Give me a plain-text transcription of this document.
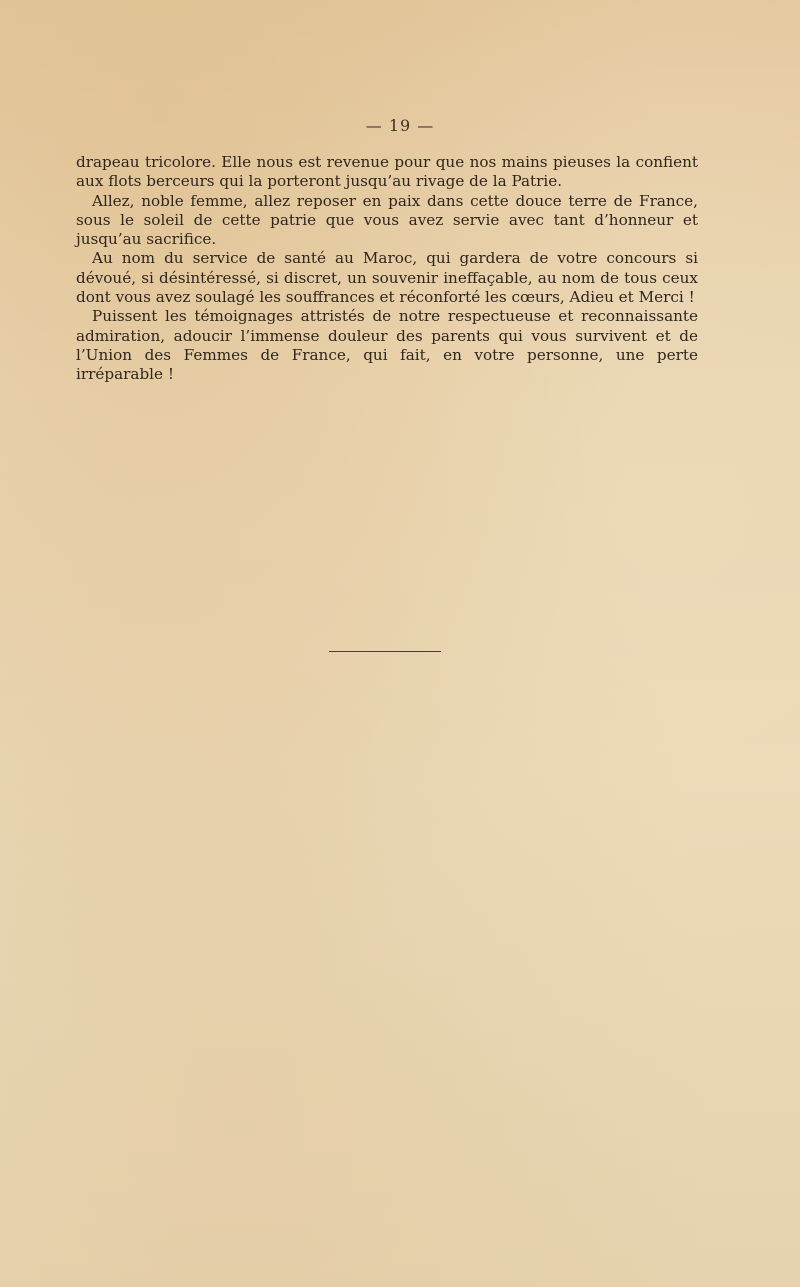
— 19 —

drapeau tricolore. Elle nous est revenue pour que nos mains pieuses la confient aux flots berceurs qui la porteront jusqu’au rivage de la Patrie.

Allez, noble femme, allez reposer en paix dans cette douce terre de France, sous le soleil de cette patrie que vous avez servie avec tant d’honneur et jusqu’au sacrifice.

Au nom du service de santé au Maroc, qui gardera de votre concours si dévoué, si désintéressé, si discret, un souvenir ineffaçable, au nom de tous ceux dont vous avez soulagé les souffrances et réconforté les cœurs, Adieu et Merci !

Puissent les témoignages attristés de notre respectueuse et reconnaissante admiration, adoucir l’immense douleur des parents qui vous survivent et de l’Union des Femmes de France, qui fait, en votre personne, une perte irréparable !
